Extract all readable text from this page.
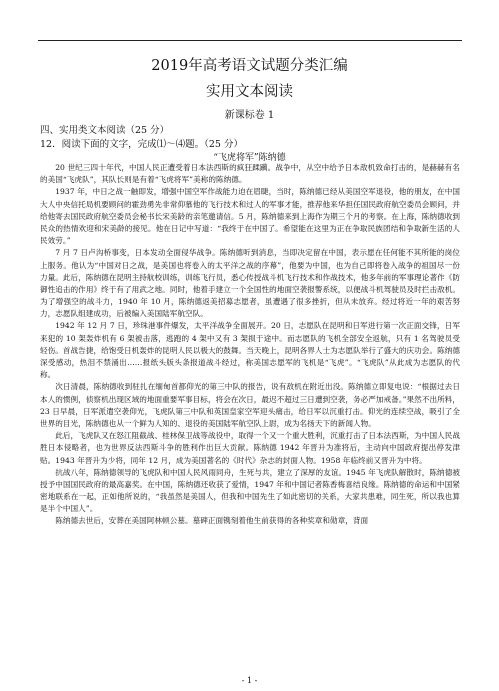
2019年高考语文试题分类汇编
实用文本阅读
新课标卷 1
四、实用类文本阅读（25 分）
12．阅读下面的文字，完成⑴～⑷题。（25 分）
“飞虎将军”陈纳德

20 世纪三四十年代，中国人民正遭受着日本法西斯的疯狂蹂躏。战争中，从空中给予日本敌机致命打击的，是赫赫有名的美国“飞虎队”，其队长则是有着“飞虎将军”美称的陈纳德。

1937 年，中日之战一触即发，增强中国空军作战能力迫在眉睫，当时，陈纳德已经从美国空军退役，他的朋友，在中国大人中央信托局机要顾问的霍劲勇先非常仰慕他的飞行技术和过人的军事才能，推荐他来华担任国民政府航空委员会顾问，并给他寄去国民政府航空委员会秘书长宋美龄的亲笔邀请信。5 月，陈纳德来到上海作为期三个月的考察。在上海，陈纳德收到民众的热情欢迎和宋美龄的接见。他在日记中写道：“我终于在中国了。希望能在这里为正在争取民族团结和争取新生活的人民效劳。”

7 月 7 日卢沟桥事变，日本发动全面侵华战争。陈纳德听到消息，当即决定留在中国，表示愿在任何能不其所能的岗位上服务。他认为“中国对日之战，是美国也将卷入的太平洋之战的序幕”，他要为中国，也为自己即将卷入战争的祖国尽一份力量。此后，陈纳德在昆明主持航校训练，训练飞行员，悉心传授战斗机飞行技术和作战技术，他多年前的军事理论著作《防御性追击的作用》终于有了用武之地。同时，他着手建立一个全国性的地面空袭报警系统，以便战斗机驾驶员及时拦击敌机。为了增强空的战斗力，1940 年 10 月，陈纳德返美招募志愿者，虽遭遇了很多挫折，但从未放弃。经过将近一年的艰苦努力，志愿队组建成功，后被编入美国陆军航空队。

1942 年 12 月 7 日，珍珠港事件爆发，太平洋战争全面展开。20 日，志愿队在昆明和日军进行第一次正面交锋，日军来犯的 10 架轰炸机有 6 架被击落，逃跑的 4 架中又有 3 架损于途中。而志愿队的飞机全部安全返航，只有 1 名驾驶员受轻伤。首战告捷，给饱受日机轰炸的昆明人民以极大的鼓舞。当天晚上，昆明各界人士为志愿队举行了盛大的庆功会。陈纳德深受感动，热泪不禁涌出……报纸头版头条报道战斗经过，称美国志愿军的飞机是“飞虎”。“飞虎队”从此成为志愿队的代称。

次日清晨，陈纳德收到驻扎在缅甸首都仰光的第三中队的报告，说有敌机在附近出没。陈纳德立即复电说：“根据过去日本人的惯例，侦察机出现区域的地面重要军事目标，将会在次日，最迟不超过三日遭到空袭，务必严加戒备。”果然不出所料，23 日早晨，日军派遣空袭仰光，飞虎队第三中队和英国皇家空军迎头痛击，给日军以沉重打击。仰光的连续空战，吸引了全世界的目光，陈纳德也从一个鲜为人知的、退役的美国陆军航空队上尉，成为名扬天下的新闻人物。

此后，飞虎队又在怒江阻截战、桂林保卫战等战役中，取得一个又一个重大胜利，沉重打击了日本法西斯，为中国人民战胜日本侵略者，也为世界反法西斯斗争的胜利作出巨大贡献。陈纳德 1942 年晋升为准将后，主动向中国政府提出停发津贴。1943 年晋升为少将，同年 12 月，成为美国著名的《时代》杂志的封面人物。1958 年临终前又晋升为中将。

抗战八年，陈纳德领导的飞虎队和中国人民风雨同舟，生死与共，建立了深厚的友谊。1945 年飞虎队解散时，陈纳德被授予中国国民政府的最高嘉奖。在中国，陈纳德还收获了爱情，1947 年和中国记者陈香梅喜结良缘。陈纳德的命运和中国紧密地联系在一起，正如他所说的，“我虽然是美国人，但我和中国先生了如此密切的关系，大家共患难，同生死，所以我也算是半个中国人”。

陈纳德去世后，安葬在美国阿林顿公墓。墓碑正面镌刻着他生前获得的各种奖章和勋章，背面

- 1 -
